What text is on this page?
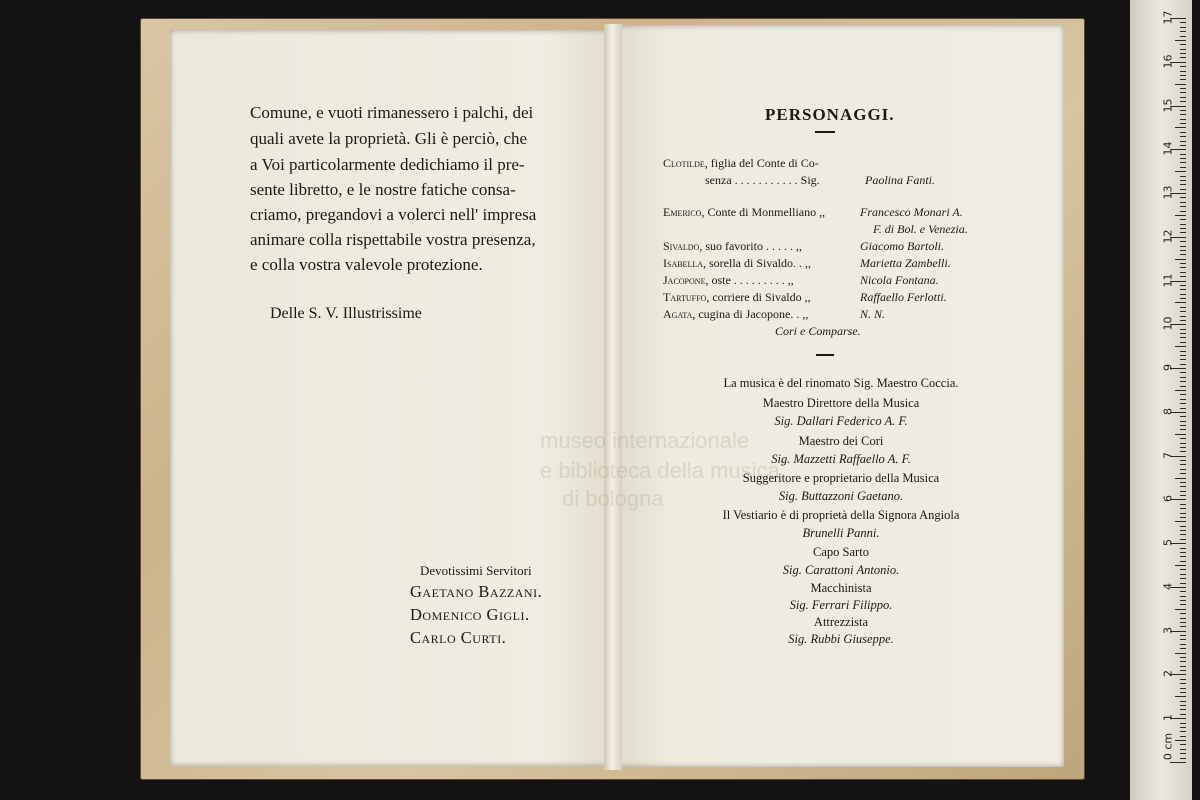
museo internazionale
e biblioteca della musica
di bologna
Comune, e vuoti rimanessero i palchi, dei
quali avete la proprietà. Gli è perciò, che
a Voi particolarmente dedichiamo il pre-
sente libretto, e le nostre fatiche consa-
criamo, pregandovi a volerci nell' impresa
animare colla rispettabile vostra presenza,
e colla vostra valevole protezione.
Delle S. V. Illustrissime
Devotissimi Servitori
Gaetano Bazzani.
Domenico Gigli.
Carlo Curti.
PERSONAGGI.
Clotilde, figlia del Conte di Co-
senza . . . . . . . . . . . Sig.	Paolina Fanti.
Emerico, Conte di Monmelliano ,,	Francesco Monari A.
F. di Bol. e Venezia.
Sivaldo, suo favorito . . . . . ,,	Giacomo Bartoli.
Isabella, sorella di Sivaldo. . ,,	Marietta Zambelli.
Jacopone, oste . . . . . . . . . ,,	Nicola Fontana.
Tartuffo, corriere di Sivaldo ,,	Raffaello Ferlotti.
Agata, cugina di Jacopone. . ,,	N. N.
Cori e Comparse.
La musica è del rinomato Sig. Maestro Coccia.
Maestro Direttore della Musica
Sig. Dallari Federico A. F.
Maestro dei Cori
Sig. Mazzetti Raffaello A. F.
Suggeritore e proprietario della Musica
Sig. Buttazzoni Gaetano.
Il Vestiario è di proprietà della Signora Angiola
Brunelli Panni.
Capo Sarto
Sig. Carattoni Antonio.
Macchinista
Sig. Ferrari Filippo.
Attrezzista
Sig. Rubbi Giuseppe.
0 cm
1
2
3
4
5
6
7
8
9
10
11
12
13
14
15
16
17
